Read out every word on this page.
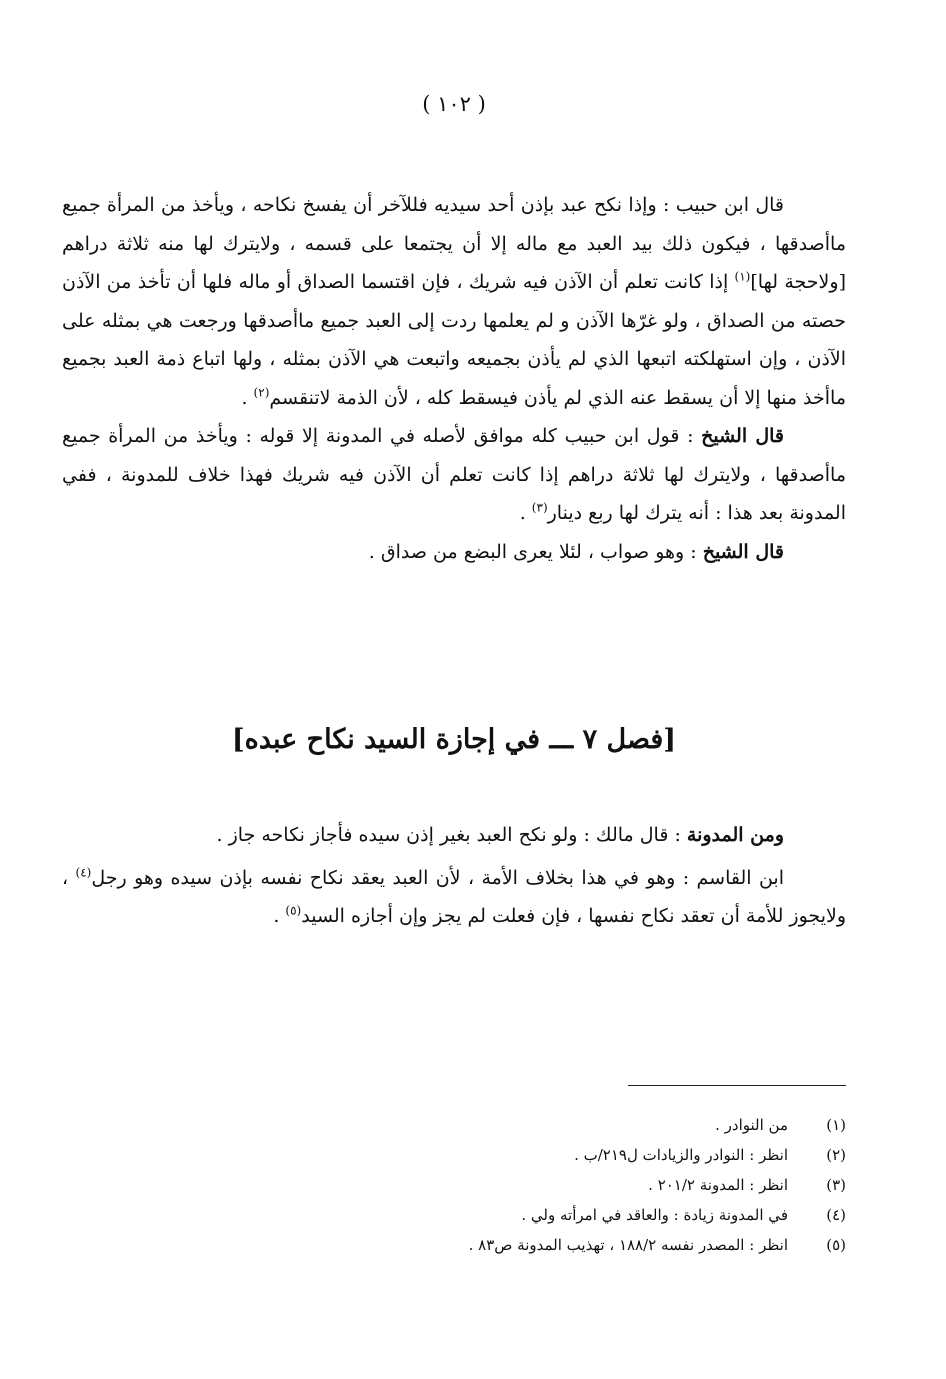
( ١٠٢ )

قال ابن حبيب : وإذا نكح عبد بإذن أحد سيديه فللآخر أن يفسخ نكاحه ، ويأخذ من المرأة جميع ماأصدقها ، فيكون ذلك بيد العبد مع ماله إلا أن يجتمعا على قسمه ، ولايترك لها منه ثلاثة دراهم [ولاحجة لها]$^{(١)}$ إذا كانت تعلم أن الآذن فيه شريك ، فإن اقتسما الصداق أو ماله فلها أن تأخذ من الآذن حصته من الصداق ، ولو غرّها الآذن و لم يعلمها ردت إلى العبد جميع ماأصدقها ورجعت هي بمثله على الآذن ، وإن استهلكته اتبعها الذي لم يأذن بجميعه واتبعت هي الآذن بمثله ، ولها اتباع ذمة العبد بجميع ماأخذ منها إلا أن يسقط عنه الذي لم يأذن فيسقط كله ، لأن الذمة لاتنقسم$^{(٢)}$ .

قال الشيخ : قول ابن حبيب كله موافق لأصله في المدونة إلا قوله : ويأخذ من المرأة جميع ماأصدقها ، ولايترك لها ثلاثة دراهم إذا كانت تعلم أن الآذن فيه شريك فهذا خلاف للمدونة ، ففي المدونة بعد هذا : أنه يترك لها ربع دينار$^{(٣)}$ .

قال الشيخ : وهو صواب ، لئلا يعرى البضع من صداق .

[فصل ٧ ـــ في إجازة السيد نكاح عبده]

ومن المدونة : قال مالك : ولو نكح العبد بغير إذن سيده فأجاز نكاحه جاز .

ابن القاسم : وهو في هذا بخلاف الأمة ، لأن العبد يعقد نكاح نفسه بإذن سيده وهو رجل$^{(٤)}$ ، ولايجوز للأمة أن تعقد نكاح نفسها ، فإن فعلت لم يجز وإن أجازه السيد$^{(٥)}$ .

(١)
من النوادر .
(٢)
انظر : النوادر والزيادات ل٢١٩/ب .
(٣)
انظر : المدونة ٢٠١/٢ .
(٤)
في المدونة زيادة : والعاقد في امرأته ولي .
(٥)
انظر : المصدر نفسه ١٨٨/٢ ، تهذيب المدونة ص٨٣ .
